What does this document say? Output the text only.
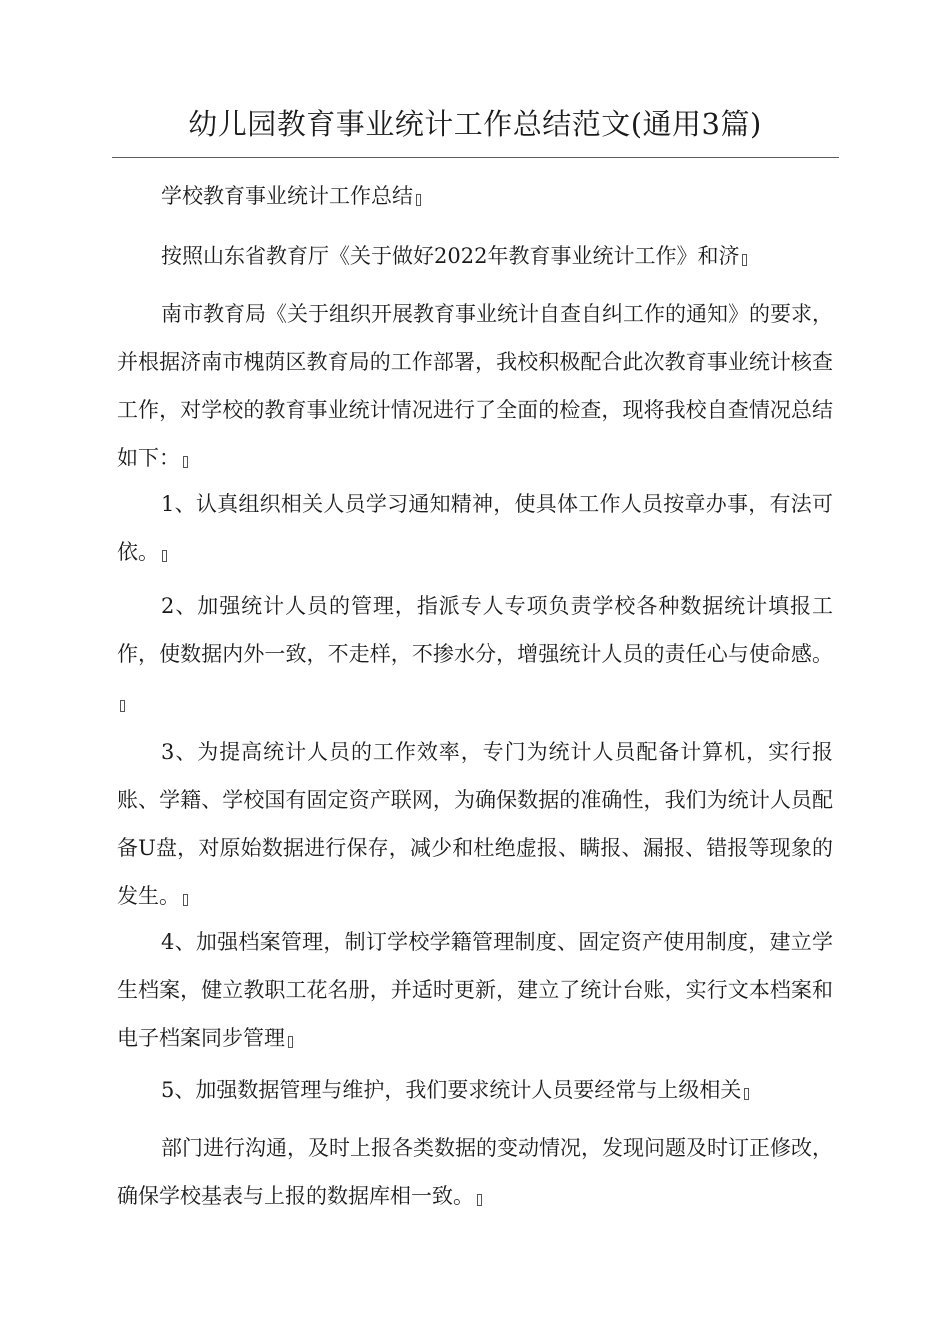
幼儿园教育事业统计工作总结范文(通用3篇)

学校教育事业统计工作总结

按照山东省教育厅《关于做好2022年教育事业统计工作》和济

南市教育局《关于组织开展教育事业统计自查自纠工作的通知》的要求，并根据济南市槐荫区教育局的工作部署，我校积极配合此次教育事业统计核查工作，对学校的教育事业统计情况进行了全面的检查，现将我校自查情况总结如下：

1、认真组织相关人员学习通知精神，使具体工作人员按章办事，有法可依。

2、加强统计人员的管理，指派专人专项负责学校各种数据统计填报工作，使数据内外一致，不走样，不掺水分，增强统计人员的责任心与使命感。

3、为提高统计人员的工作效率，专门为统计人员配备计算机，实行报账、学籍、学校国有固定资产联网，为确保数据的准确性，我们为统计人员配备U盘，对原始数据进行保存，减少和杜绝虚报、瞒报、漏报、错报等现象的发生。

4、加强档案管理，制订学校学籍管理制度、固定资产使用制度，建立学生档案，健立教职工花名册，并适时更新，建立了统计台账，实行文本档案和电子档案同步管理

5、加强数据管理与维护，我们要求统计人员要经常与上级相关

部门进行沟通，及时上报各类数据的变动情况，发现问题及时订正修改，确保学校基表与上报的数据库相一致。
